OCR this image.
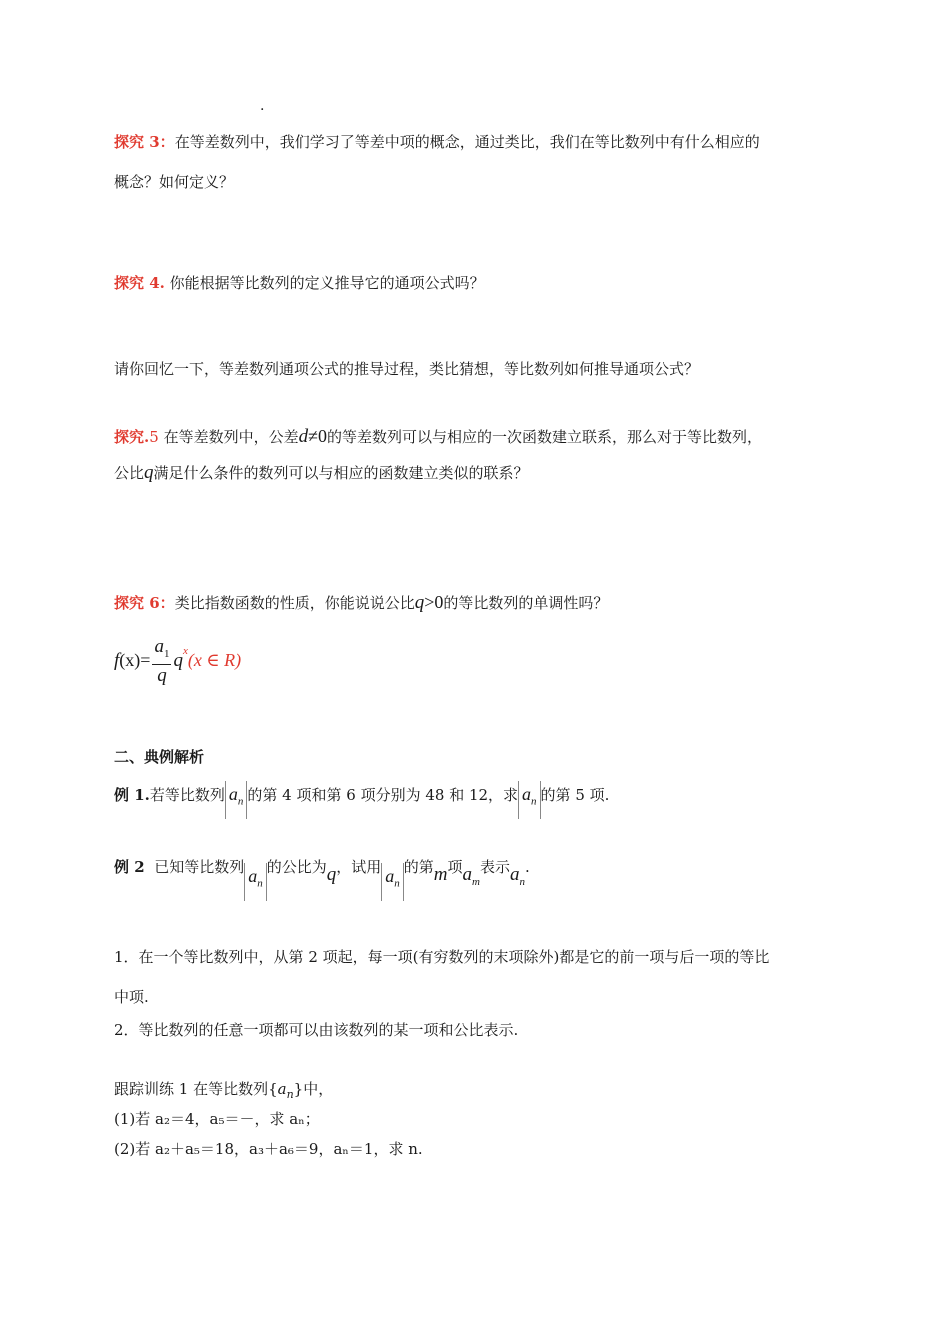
.
探究 3：在等差数列中，我们学习了等差中项的概念，通过类比，我们在等比数列中有什么相应的
概念？如何定义？
探究 4. 你能根据等比数列的定义推导它的通项公式吗？
请你回忆一下，等差数列通项公式的推导过程，类比猜想，等比数列如何推导通项公式？
探究.5 在等差数列中，公差d≠0的等差数列可以与相应的一次函数建立联系，那么对于等比数列，
公比q满足什么条件的数列可以与相应的函数建立类似的联系？
探究 6：类比指数函数的性质，你能说说公比q>0的等比数列的单调性吗？
$f(x)= \frac{a_1}{q} q^x(x$ ∈ R)
二、典例解析
例 1.若等比数列 $a_n$ 的第 4 项和第 6 项分别为 48 和 12，求 $a_n$ 的第 5 项.
例 2 已知等比数列 $a_n$的公比为q，试用 $a_n$的第m项$a_m$表示$a_n$.
1．在一个等比数列中，从第 2 项起，每一项(有穷数列的末项除外)都是它的前一项与后一项的等比
中项.
2．等比数列的任意一项都可以由该数列的某一项和公比表示.
跟踪训练 1 在等比数列$\{a_n\}$中，
(1)若 a₂＝4，a₅＝－，求 aₙ；
(2)若 a₂＋a₅＝18，a₃＋a₆＝9，aₙ＝1，求 n.
